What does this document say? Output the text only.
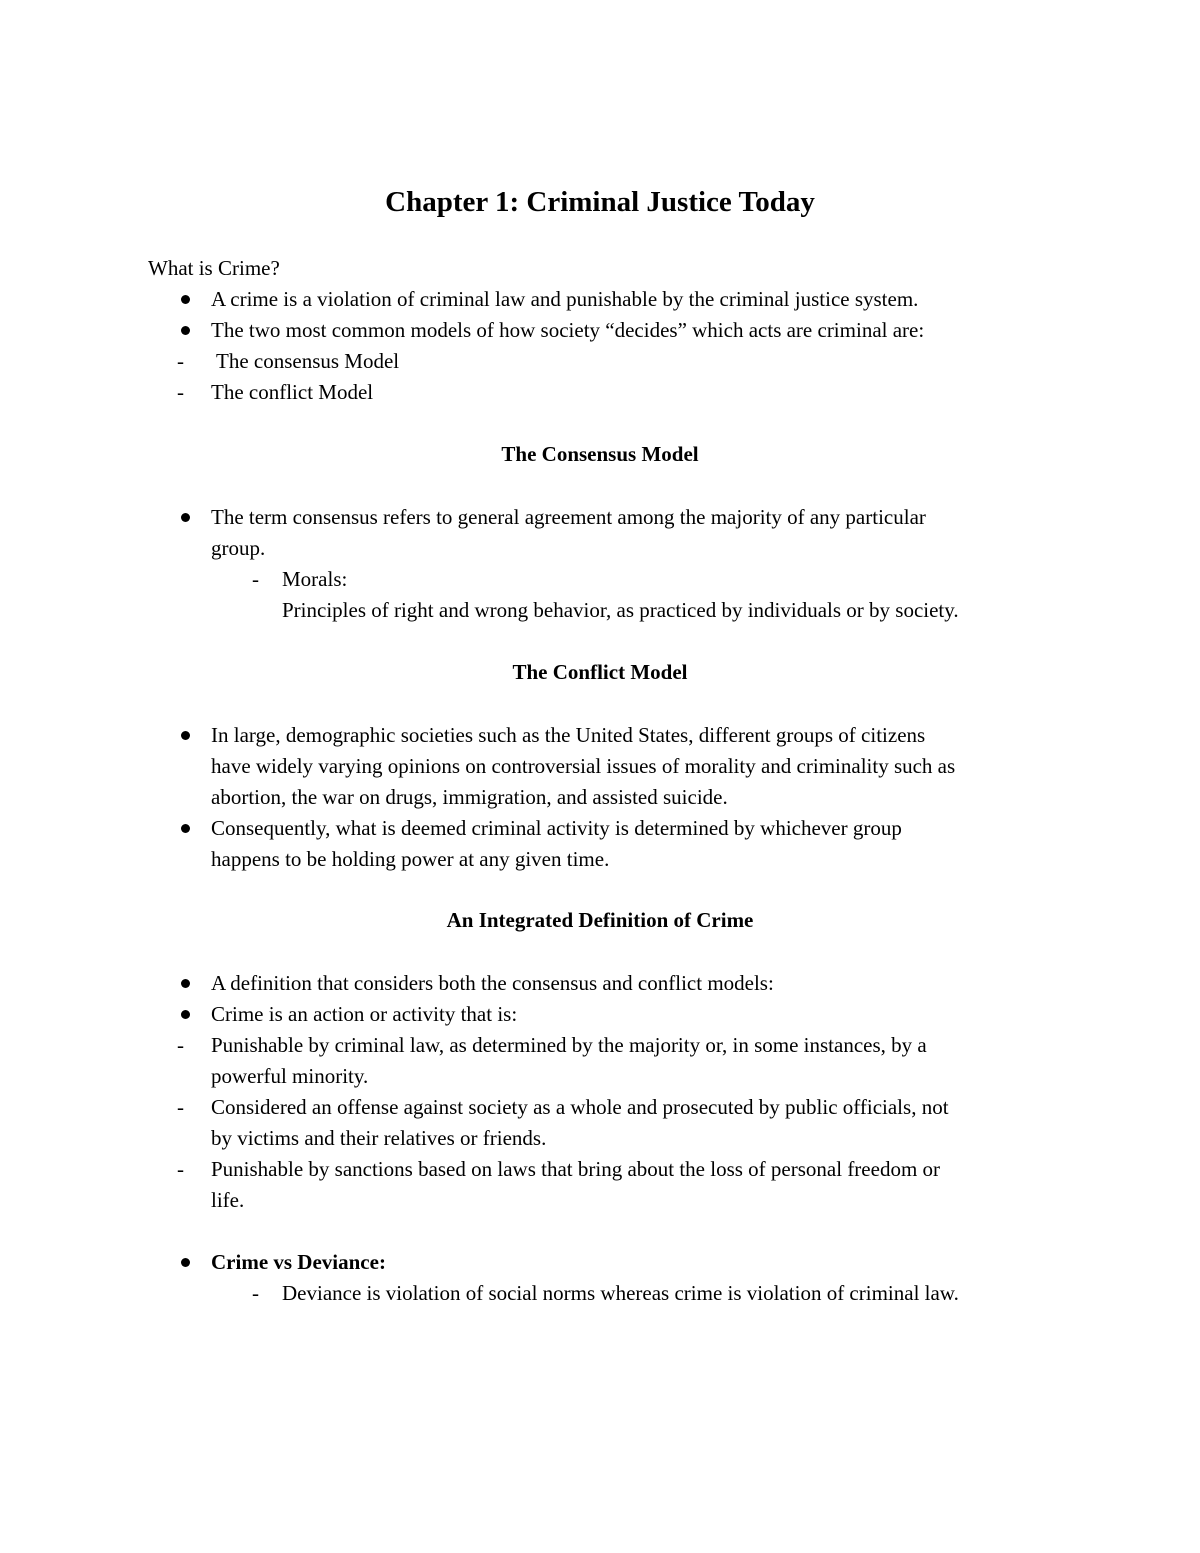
Chapter 1: Criminal Justice Today

What is Crime?

A crime is a violation of criminal law and punishable by the criminal justice system.

The two most common models of how society “decides” which acts are criminal are:

- The consensus Model

- The conflict Model

The Consensus Model

The term consensus refers to general agreement among the majority of any particular

group.

- Morals:

Principles of right and wrong behavior, as practiced by individuals or by society.

The Conflict Model

In large, demographic societies such as the United States, different groups of citizens

have widely varying opinions on controversial issues of morality and criminality such as

abortion, the war on drugs, immigration, and assisted suicide.

Consequently, what is deemed criminal activity is determined by whichever group

happens to be holding power at any given time.

An Integrated Definition of Crime

A definition that considers both the consensus and conflict models:

Crime is an action or activity that is:

- Punishable by criminal law, as determined by the majority or, in some instances, by a

powerful minority.

- Considered an offense against society as a whole and prosecuted by public officials, not

by victims and their relatives or friends.

- Punishable by sanctions based on laws that bring about the loss of personal freedom or

life.

Crime vs Deviance:

- Deviance is violation of social norms whereas crime is violation of criminal law.
